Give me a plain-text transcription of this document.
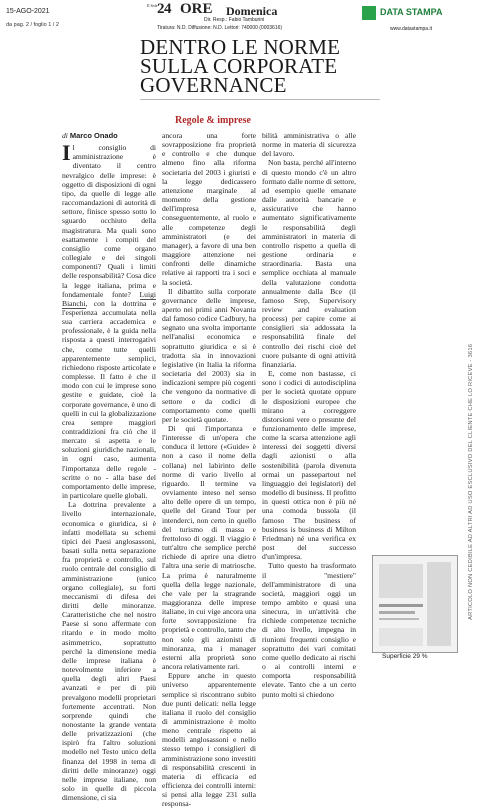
15-AGO-2021
da pag. 2 / foglio 1 / 2
Il Sole 24 ORE Domenica
Dir. Resp.: Fabio Tamburini
Tiratura: N.D. Diffusione: N.D. Lettori: 740000 (0003616)
DATA STAMPA
www.datastampa.it
DENTRO LE NORME
SULLA CORPORATE
GOVERNANCE
Regole & imprese
di Marco Onado

Il consiglio di amministrazione è diventato il centro nevralgico delle imprese: è oggetto di disposizioni di ogni tipo, da quelle di legge alle raccomandazioni di autorità di settore, finisce spesso sotto lo sguardo occhiuto della magistratura. Ma quali sono esattamente i compiti del consiglio come organo collegiale e dei singoli componenti? Quali i limiti delle responsabilità? Cosa dice la legge italiana, prima e fondamentale fonte? Luigi Bianchi, con la dottrina e l'esperienza accumulata nella sua carriera accademica e professionale, è la guida nella risposta a questi interrogativi che, come tutte quelli apparentemente semplici, richiedono risposte articolate e complesse. Il fatto è che il modo con cui le imprese sono gestite e guidate, cioè la corporate governance, è uno di quelli in cui la globalizzazione crea sempre maggiori contraddizioni fra ciò che il mercato si aspetta e le soluzioni giuridiche nazionali, in ogni caso, aumenta l'importanza delle regole - scritte o no - alla base del comportamento delle imprese, in particolare quelle globali.

La dottrina prevalente a livello internazionale, economica e giuridica, si è infatti modellata su schemi tipici dei Paesi anglosassoni, basati sulla netta separazione fra proprietà e controllo, sul ruolo centrale del consiglio di amministrazione (unico organo collegiale), su forti meccanismi di difesa dei diritti delle minoranze. Caratteristiche che nel nostro Paese si sono affermate con ritardo e in modo molto asimmetrico, soprattutto perché la dimensione media delle imprese italiana è notevolmente inferiore a quella degli altri Paesi avanzati e per di più prevalgono modelli proprietari fortemente accentrati. Non sorprende quindi che nonostante la grande ventata delle privatizzazioni (che ispirò fra l'altro soluzioni modello nel Testo unico della finanza del 1998 in tema di diritti delle minoranze) oggi nelle imprese italiane, non solo in quelle di piccola dimensione, ci sia

ancora una forte sovrapposizione fra proprietà e controllo e che dunque almeno fino alla riforma societaria del 2003 i giuristi e la legge dedicassero attenzione marginale al momento della gestione dell'impresa e, conseguentemente, al ruolo e alle competenze degli amministratori (e dei manager), a favore di una ben maggiore attenzione nei confronti delle dinamiche relative ai rapporti tra i soci e la società.

Il dibattito sulla corporate governance delle imprese, aperto nei primi anni Novanta dal famoso codice Cadbury, ha segnato una svolta importante nell'analisi economica e soprattutto giuridica e si è tradotta sia in innovazioni legislative (in Italia la riforma societaria del 2003) sia in indicazioni sempre più cogenti che vengono da normative di settore e da codici di comportamento come quelli per le società quotate.

Di qui l'importanza e l'interesse di un'opera che conduca il lettore («Guide» è non a caso il nome della collana) nel labirinto delle norme di vario livello al riguardo. Il termine va ovviamente inteso nel senso alto delle opere di un tempo, quelle del Grand Tour per intenderci, non certo in quello del turismo di massa e frettoloso di oggi. Il viaggio è tutt'altro che semplice perché richiede di aprire una dietro l'altra una serie di matriosche. La prima è naturalmente quella della legge nazionale, che vale per la stragrande maggioranza delle imprese italiane, in cui vige ancora una forte sovrapposizione fra proprietà e controllo, tanto che non solo gli azionisti di minoranza, ma i manager esterni alla proprietà sono ancora relativamente rari.

Eppure anche in questo universo apparentemente semplice si riscontrano subito due punti delicati: nella legge italiana il ruolo del consiglio di amministrazione è molto meno centrale rispetto ai modelli anglosassoni e nello stesso tempo i consiglieri di amministrazione sono investiti di responsabilità crescenti in materia di efficacia ed efficienza dei controlli interni: si pensi alla legge 231 sulla responsa-

bilità amministrativa o alle norme in materia di sicurezza del lavoro.

Non basta, perché all'interno di questo mondo c'è un altro formato dalle norme di settore, ad esempio quelle emanate dalle autorità bancarie e assicurative che hanno aumentato significativamente le responsabilità degli amministratori in materia di controllo rispetto a quella di gestione ordinaria e straordinaria. Basta una semplice occhiata al manuale della valutazione condotta annualmente dalla Bce (il famoso Srep, Supervisory review and evaluation process) per capire come ai consiglieri sia addossata la responsabilità finale del controllo dei rischi cioè del cuore pulsante di ogni attività finanziaria.

E, come non bastasse, ci sono i codici di autodisciplina per le società quotate oppure le disposizioni europee che mirano a correggere distorsioni vere o presunte del funzionamento delle imprese, come la scarsa attenzione agli interessi dei soggetti diversi dagli azionisti o alla sostenibilità (parola divenuta ormai un passepartout nel linguaggio dei legislatori) del modello di business. Il profitto in questi ottica non è più né una comoda bussola (il famoso The business of business is business di Milton Friedman) né una verifica ex post del successo d'un'impresa.

Tutto questo ha trasformato il "mestiere" dell'amministratore di una società, maggiori oggi un tempo ambito e quasi una sinecura, in un'attività che richiede competenze tecniche di alto livello, impegna in riunioni frequenti consiglio e soprattutto dei vari comitati come quello dedicato ai rischi o ai controlli interni e comporta responsabilità elevate. Tanto che a un certo punto molti si chiedono

Superficie 29 %
ARTICOLO NON CEDIBILE AD ALTRI AD USO ESCLUSIVO DEL CLIENTE CHE LO RICEVE - 3616
